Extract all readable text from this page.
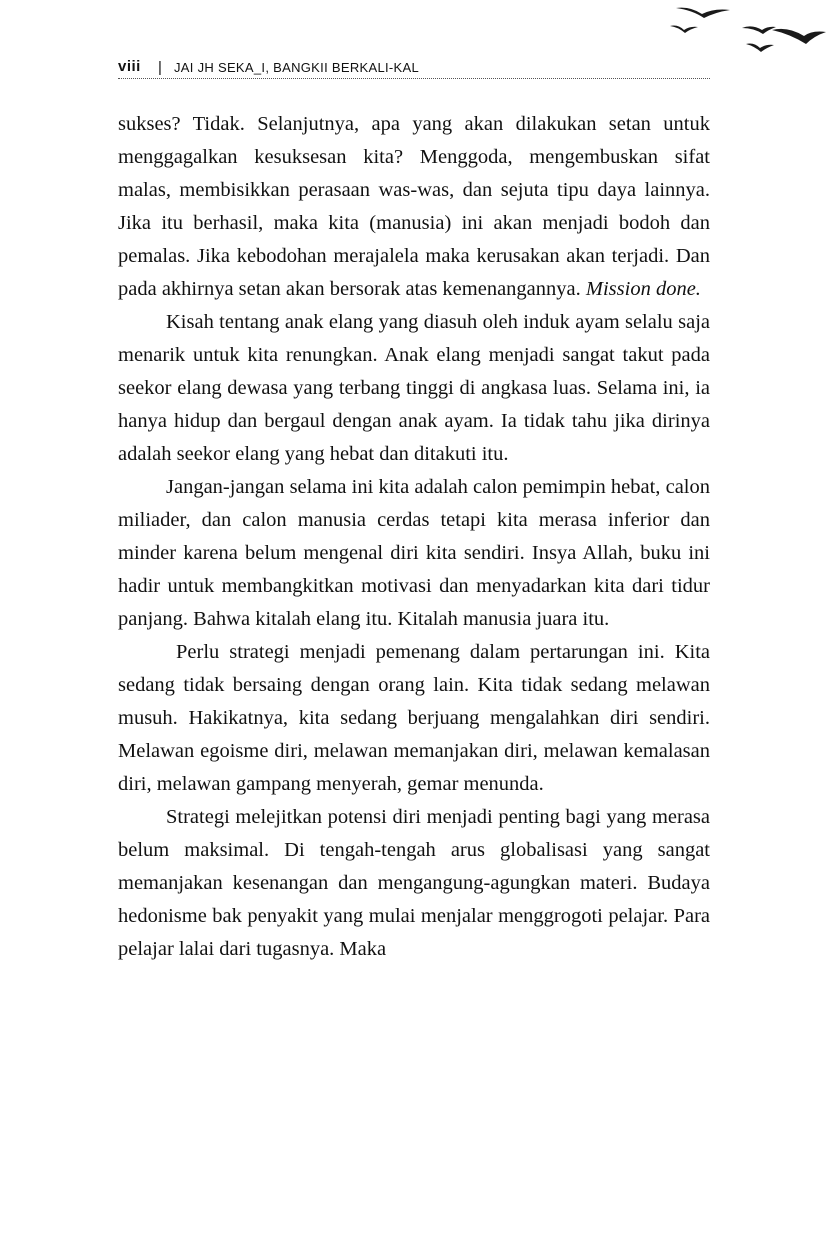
viii | JAI JH SEKA_I, BANGKII BERKALI-KAL

sukses? Tidak. Selanjutnya, apa yang akan dilakukan setan untuk menggagalkan kesuksesan kita? Menggoda, mengembuskan sifat malas, membisikkan perasaan was-was, dan sejuta tipu daya lainnya. Jika itu berhasil, maka kita (manusia) ini akan menjadi bodoh dan pemalas. Jika kebodohan merajalela maka kerusakan akan terjadi. Dan pada akhirnya setan akan bersorak atas kemenangannya. Mission done.

Kisah tentang anak elang yang diasuh oleh induk ayam selalu saja menarik untuk kita renungkan. Anak elang menjadi sangat takut pada seekor elang dewasa yang terbang tinggi di angkasa luas. Selama ini, ia hanya hidup dan bergaul dengan anak ayam. Ia tidak tahu jika dirinya adalah seekor elang yang hebat dan ditakuti itu.

Jangan-jangan selama ini kita adalah calon pemimpin hebat, calon miliader, dan calon manusia cerdas tetapi kita merasa inferior dan minder karena belum mengenal diri kita sendiri. Insya Allah, buku ini hadir untuk membangkitkan motivasi dan menyadarkan kita dari tidur panjang. Bahwa kitalah elang itu. Kitalah manusia juara itu.

Perlu strategi menjadi pemenang dalam pertarungan ini. Kita sedang tidak bersaing dengan orang lain. Kita tidak sedang melawan musuh. Hakikatnya, kita sedang berjuang mengalahkan diri sendiri. Melawan egoisme diri, melawan memanjakan diri, melawan kemalasan diri, melawan gampang menyerah, gemar menunda.

Strategi melejitkan potensi diri menjadi penting bagi yang merasa belum maksimal. Di tengah-tengah arus globalisasi yang sangat memanjakan kesenangan dan mengangung-agungkan materi. Budaya hedonisme bak penyakit yang mulai menjalar menggrogoti pelajar. Para pelajar lalai dari tugasnya. Maka
